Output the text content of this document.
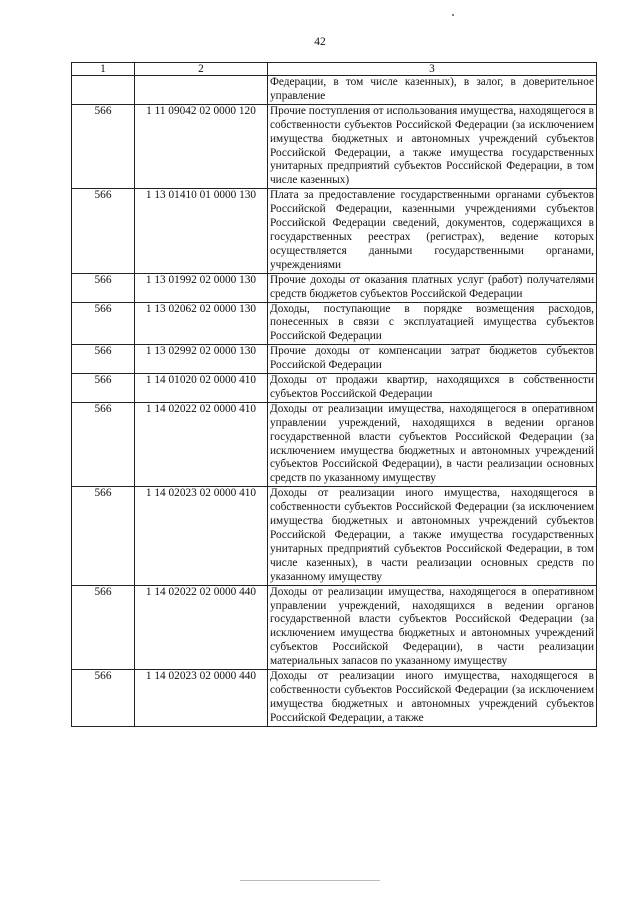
42
1	2	3
		Федерации, в том числе казенных), в залог, в доверительное управление
566	1 11 09042 02 0000 120	Прочие поступления от использования имущества, находящегося в собственности субъектов Российской Федерации (за исключением имущества бюджетных и автономных учреждений субъектов Российской Федерации, а также имущества государственных унитарных предприятий субъектов Российской Федерации, в том числе казенных)
566	1 13 01410 01 0000 130	Плата за предоставление государственными органами субъектов Российской Федерации, казенными учреждениями субъектов Российской Федерации сведений, документов, содержащихся в государственных реестрах (регистрах), ведение которых осуществляется данными государственными органами, учреждениями
566	1 13 01992 02 0000 130	Прочие доходы от оказания платных услуг (работ) получателями средств бюджетов субъектов Российской Федерации
566	1 13 02062 02 0000 130	Доходы, поступающие в порядке возмещения расходов, понесенных в связи с эксплуатацией имущества субъектов Российской Федерации
566	1 13 02992 02 0000 130	Прочие доходы от компенсации затрат бюджетов субъектов Российской Федерации
566	1 14 01020 02 0000 410	Доходы от продажи квартир, находящихся в собственности субъектов Российской Федерации
566	1 14 02022 02 0000 410	Доходы от реализации имущества, находящегося в оперативном управлении учреждений, находящихся в ведении органов государственной власти субъектов Российской Федерации (за исключением имущества бюджетных и автономных учреждений субъектов Российской Федерации), в части реализации основных средств по указанному имуществу
566	1 14 02023 02 0000 410	Доходы от реализации иного имущества, находящегося в собственности субъектов Российской Федерации (за исключением имущества бюджетных и автономных учреждений субъектов Российской Федерации, а также имущества государственных унитарных предприятий субъектов Российской Федерации, в том числе казенных), в части реализации основных средств по указанному имуществу
566	1 14 02022 02 0000 440	Доходы от реализации имущества, находящегося в оперативном управлении учреждений, находящихся в ведении органов государственной власти субъектов Российской Федерации (за исключением имущества бюджетных и автономных учреждений субъектов Российской Федерации), в части реализации материальных запасов по указанному имуществу
566	1 14 02023 02 0000 440	Доходы от реализации иного имущества, находящегося в собственности субъектов Российской Федерации (за исключением имущества бюджетных и автономных учреждений субъектов Российской Федерации, а также
